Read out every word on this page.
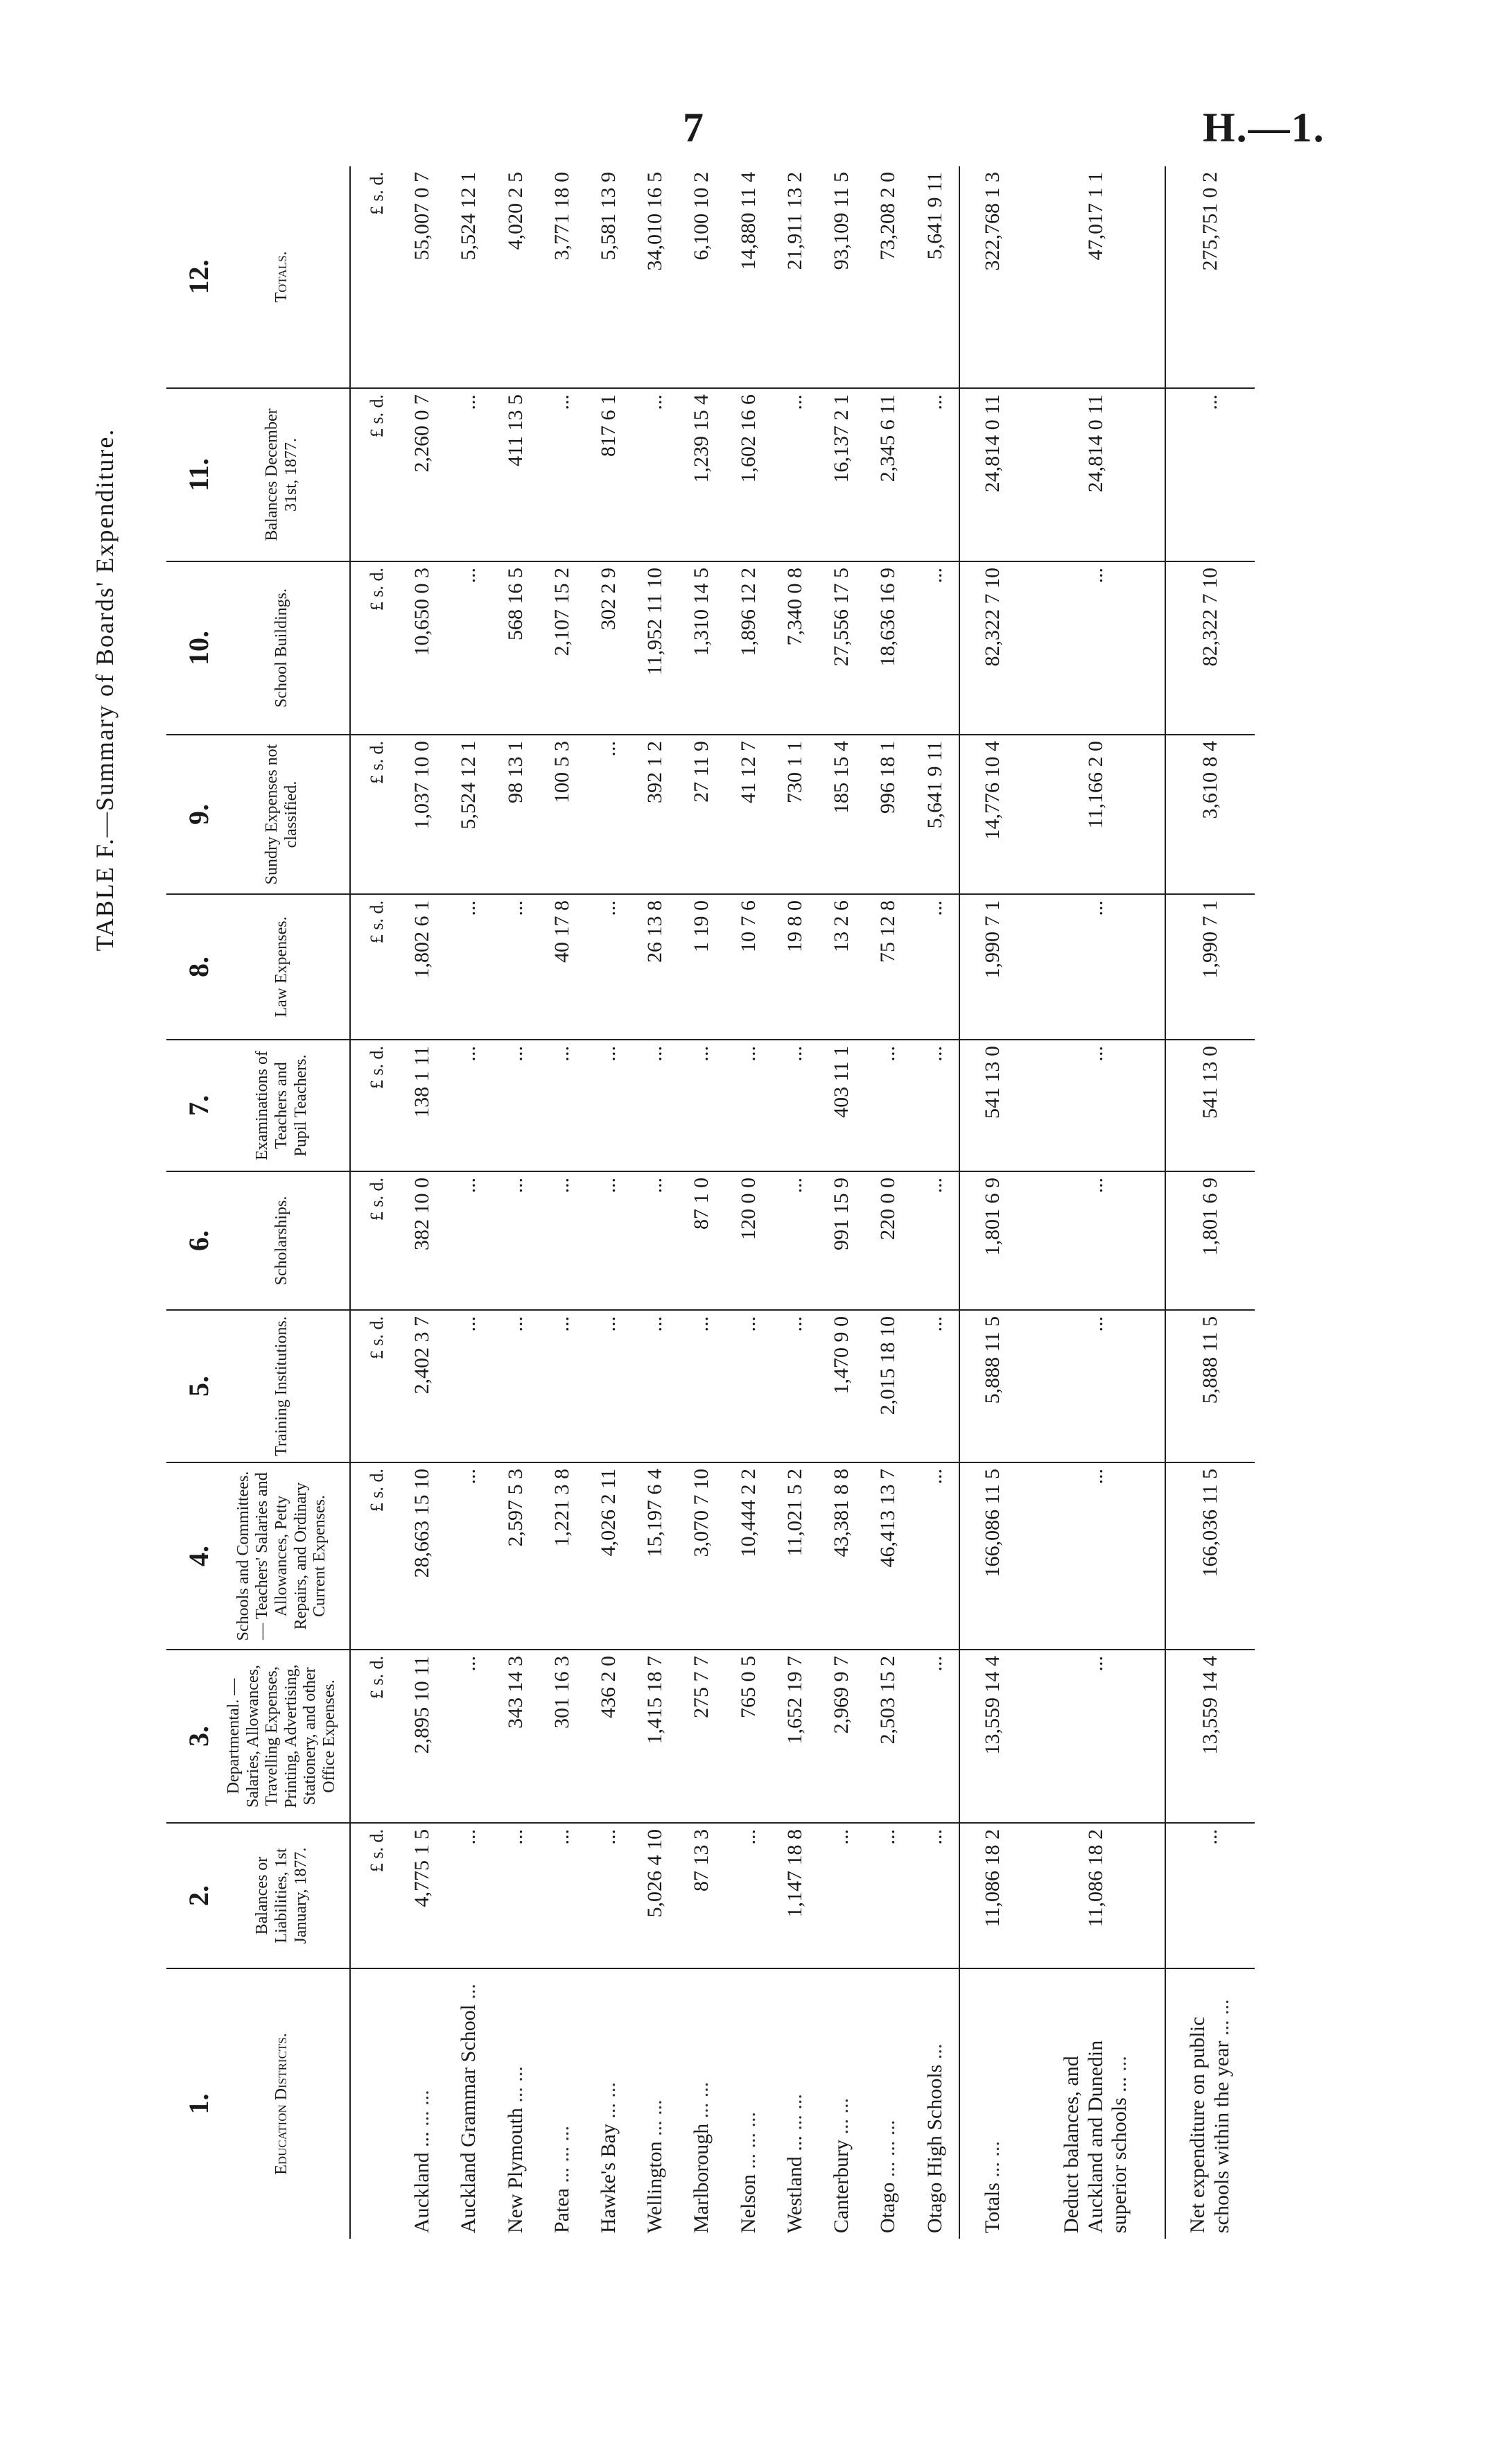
7	H.—1.
TABLE F.—Summary of Boards' Expenditure.
1.	2.	3.	4.	5.	6.	7.	8.	9.	10.	11.	12.
Education Districts.	Balances or Liabilities, 1st January, 1877.	Departmental. — Salaries, Allowances, Travelling Expenses, Printing, Advertising, Stationery, and other Office Expenses.	Schools and Committees. — Teachers' Salaries and Allowances, Petty Repairs, and Ordinary Current Expenses.	Training Institutions.	Scholarships.	Examinations of Teachers and Pupil Teachers.	Law Expenses.	Sundry Expenses not classified.	School Buildings.	Balances December 31st, 1877.	Totals.
	£ s. d.	£ s. d.	£ s. d.	£ s. d.	£ s. d.	£ s. d.	£ s. d.	£ s. d.	£ s. d.	£ s. d.	£ s. d.
Auckland ... ... ...	4,775 1 5	2,895 10 11	28,663 15 10	2,402 3 7	382 10 0	138 1 11	1,802 6 1	1,037 10 0	10,650 0 3	2,260 0 7	55,007 0 7
Auckland Grammar School ...	...	...	...	...	...	...	...	5,524 12 1	...	...	5,524 12 1
New Plymouth ... ...	...	343 14 3	2,597 5 3	...	...	...	...	98 13 1	568 16 5	411 13 5	4,020 2 5
Patea ... ... ...	...	301 16 3	1,221 3 8	...	...	...	40 17 8	100 5 3	2,107 15 2	...	3,771 18 0
Hawke's Bay ... ...	...	436 2 0	4,026 2 11	...	...	...	...	...	302 2 9	817 6 1	5,581 13 9
Wellington ... ...	5,026 4 10	1,415 18 7	15,197 6 4	...	...	...	26 13 8	392 1 2	11,952 11 10	...	34,010 16 5
Marlborough ... ...	87 13 3	275 7 7	3,070 7 10	...	87 1 0	...	1 19 0	27 11 9	1,310 14 5	1,239 15 4	6,100 10 2
Nelson ... ... ...	...	765 0 5	10,444 2 2	...	120 0 0	...	10 7 6	41 12 7	1,896 12 2	1,602 16 6	14,880 11 4
Westland ... ... ...	1,147 18 8	1,652 19 7	11,021 5 2	...	...	...	19 8 0	730 1 1	7,340 0 8	...	21,911 13 2
Canterbury ... ...	...	2,969 9 7	43,381 8 8	1,470 9 0	991 15 9	403 11 1	13 2 6	185 15 4	27,556 17 5	16,137 2 1	93,109 11 5
Otago ... ... ...	...	2,503 15 2	46,413 13 7	2,015 18 10	220 0 0	...	75 12 8	996 18 1	18,636 16 9	2,345 6 11	73,208 2 0
Otago High Schools ...	...	...	...	...	...	...	...	5,641 9 11	...	...	5,641 9 11
Totals ... ...	11,086 18 2	13,559 14 4	166,086 11 5	5,888 11 5	1,801 6 9	541 13 0	1,990 7 1	14,776 10 4	82,322 7 10	24,814 0 11	322,768 1 3
Deduct balances, and Auckland and Dunedin superior schools ... ...	11,086 18 2	...	...	...	...	...	...	11,166 2 0	...	24,814 0 11	47,017 1 1
Net expenditure on public schools within the year ... ...	...	13,559 14 4	166,036 11 5	5,888 11 5	1,801 6 9	541 13 0	1,990 7 1	3,610 8 4	82,322 7 10	...	275,751 0 2
